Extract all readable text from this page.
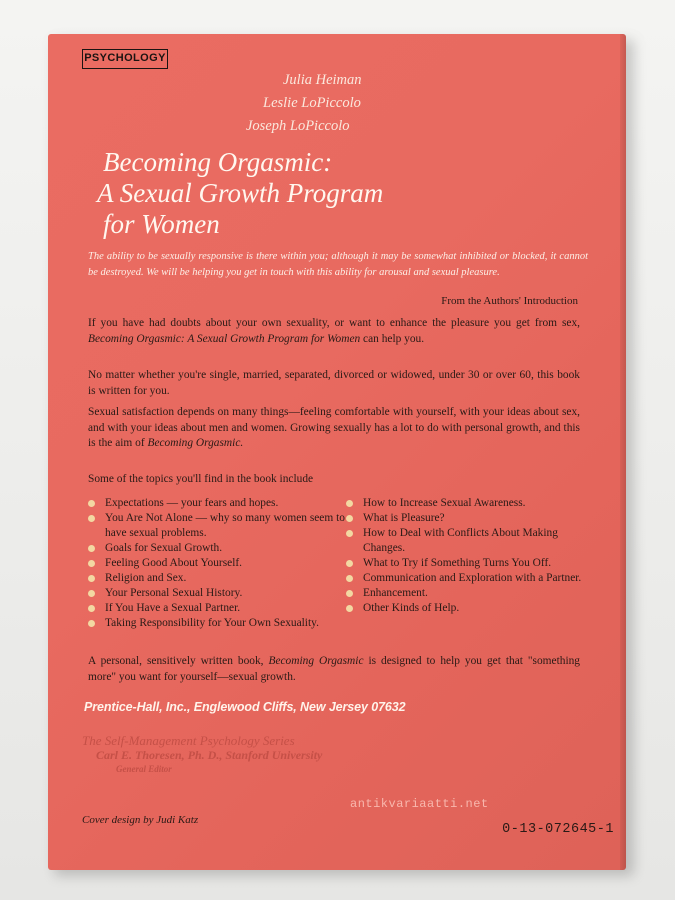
PSYCHOLOGY
Julia Heiman
Leslie LoPiccolo
Joseph LoPiccolo
Becoming Orgasmic:
A Sexual Growth Program
for Women
The ability to be sexually responsive is there within you; although it may be somewhat inhibited or blocked, it cannot be destroyed. We will be helping you get in touch with this ability for arousal and sexual pleasure.
From the Authors' Introduction
If you have had doubts about your own sexuality, or want to enhance the pleasure you get from sex, Becoming Orgasmic: A Sexual Growth Program for Women can help you.
No matter whether you're single, married, separated, divorced or widowed, under 30 or over 60, this book is written for you.
Sexual satisfaction depends on many things—feeling comfortable with yourself, with your ideas about sex, and with your ideas about men and women. Growing sexually has a lot to do with personal growth, and this is the aim of Becoming Orgasmic.
Some of the topics you'll find in the book include
Expectations — your fears and hopes.
You Are Not Alone — why so many women seem to have sexual problems.
Goals for Sexual Growth.
Feeling Good About Yourself.
Religion and Sex.
Your Personal Sexual History.
If You Have a Sexual Partner.
Taking Responsibility for Your Own Sexuality.
How to Increase Sexual Awareness.
What is Pleasure?
How to Deal with Conflicts About Making Changes.
What to Try if Something Turns You Off.
Communication and Exploration with a Partner.
Enhancement.
Other Kinds of Help.
A personal, sensitively written book, Becoming Orgasmic is designed to help you get that "something more" you want for yourself—sexual growth.
Prentice-Hall, Inc., Englewood Cliffs, New Jersey 07632
The Self-Management Psychology Series
Carl E. Thoresen, Ph. D., Stanford University
General Editor
antikvariaatti.net
Cover design by Judi Katz
0-13-072645-1
